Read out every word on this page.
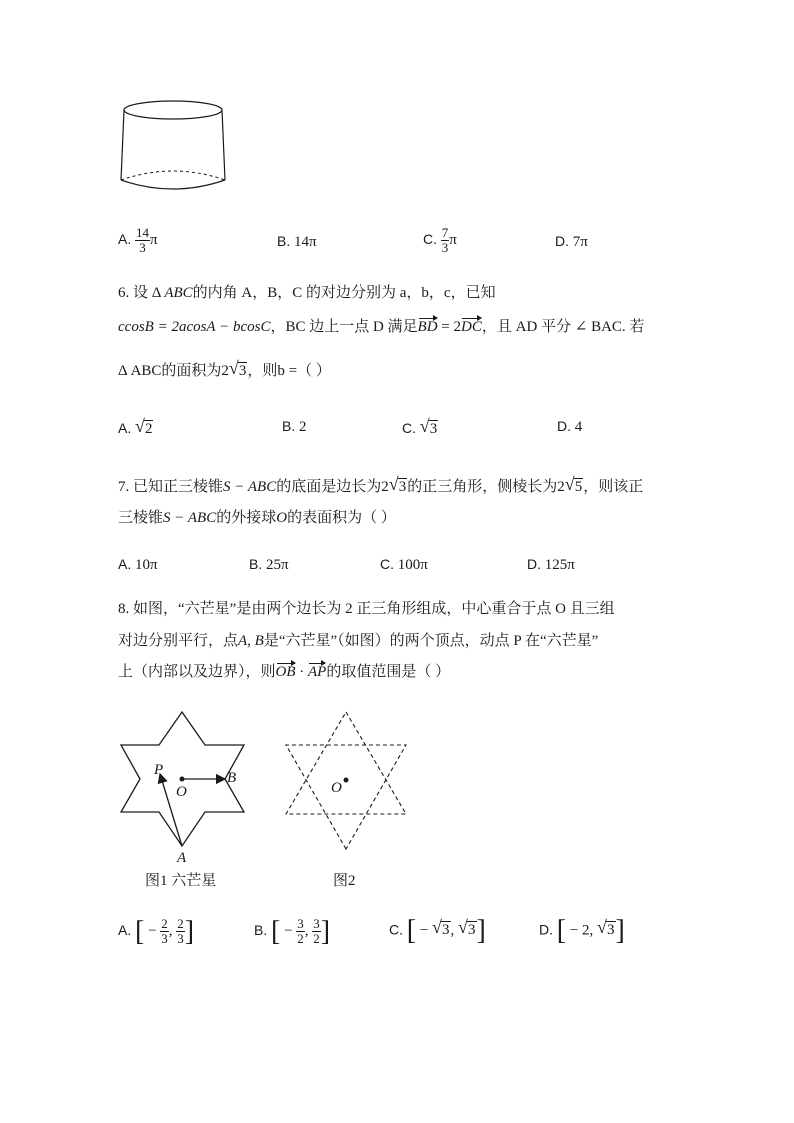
A. $\frac{14}{3}$ π	B. 14π	C. $\frac{7}{3}$ π	D. 7π
6. 设 Δ ABC的内角 A，B，C 的对边分别为 a，b，c，已知
ccosB = 2acosA − bcosC，BC 边上一点 D 满足BD = 2DC，且 AD 平分 ∠ BAC. 若
Δ ABC的面积为2 √ 3，则b =（ ）
A. √ 2	B. 2	C. √ 3	D. 4
7. 已知正三棱锥S − ABC的底面是边长为2 √ 3的正三角形，侧棱长为2 √ 5，则该正
三棱锥S − ABC的外接球O的表面积为（ ）
A. 10π	B. 25π	C. 100π	D. 125π
8. 如图，“六芒星”是由两个边长为 2 正三角形组成，中心重合于点 O 且三组
对边分别平行，点A, B是“六芒星”（如图）的两个顶点，动点 P 在“六芒星”
上（内部以及边界），则OB · AP的取值范围是（ ）
P
O
B
A
图1 六芒星
O
图2
A. [ − $\frac{2}{3}$ , $\frac{2}{3}$ ]	B. [ − $\frac{3}{2}$ , $\frac{3}{2}$ ]	C. [ − √ 3, √ 3]	D. [ − 2, √ 3]
